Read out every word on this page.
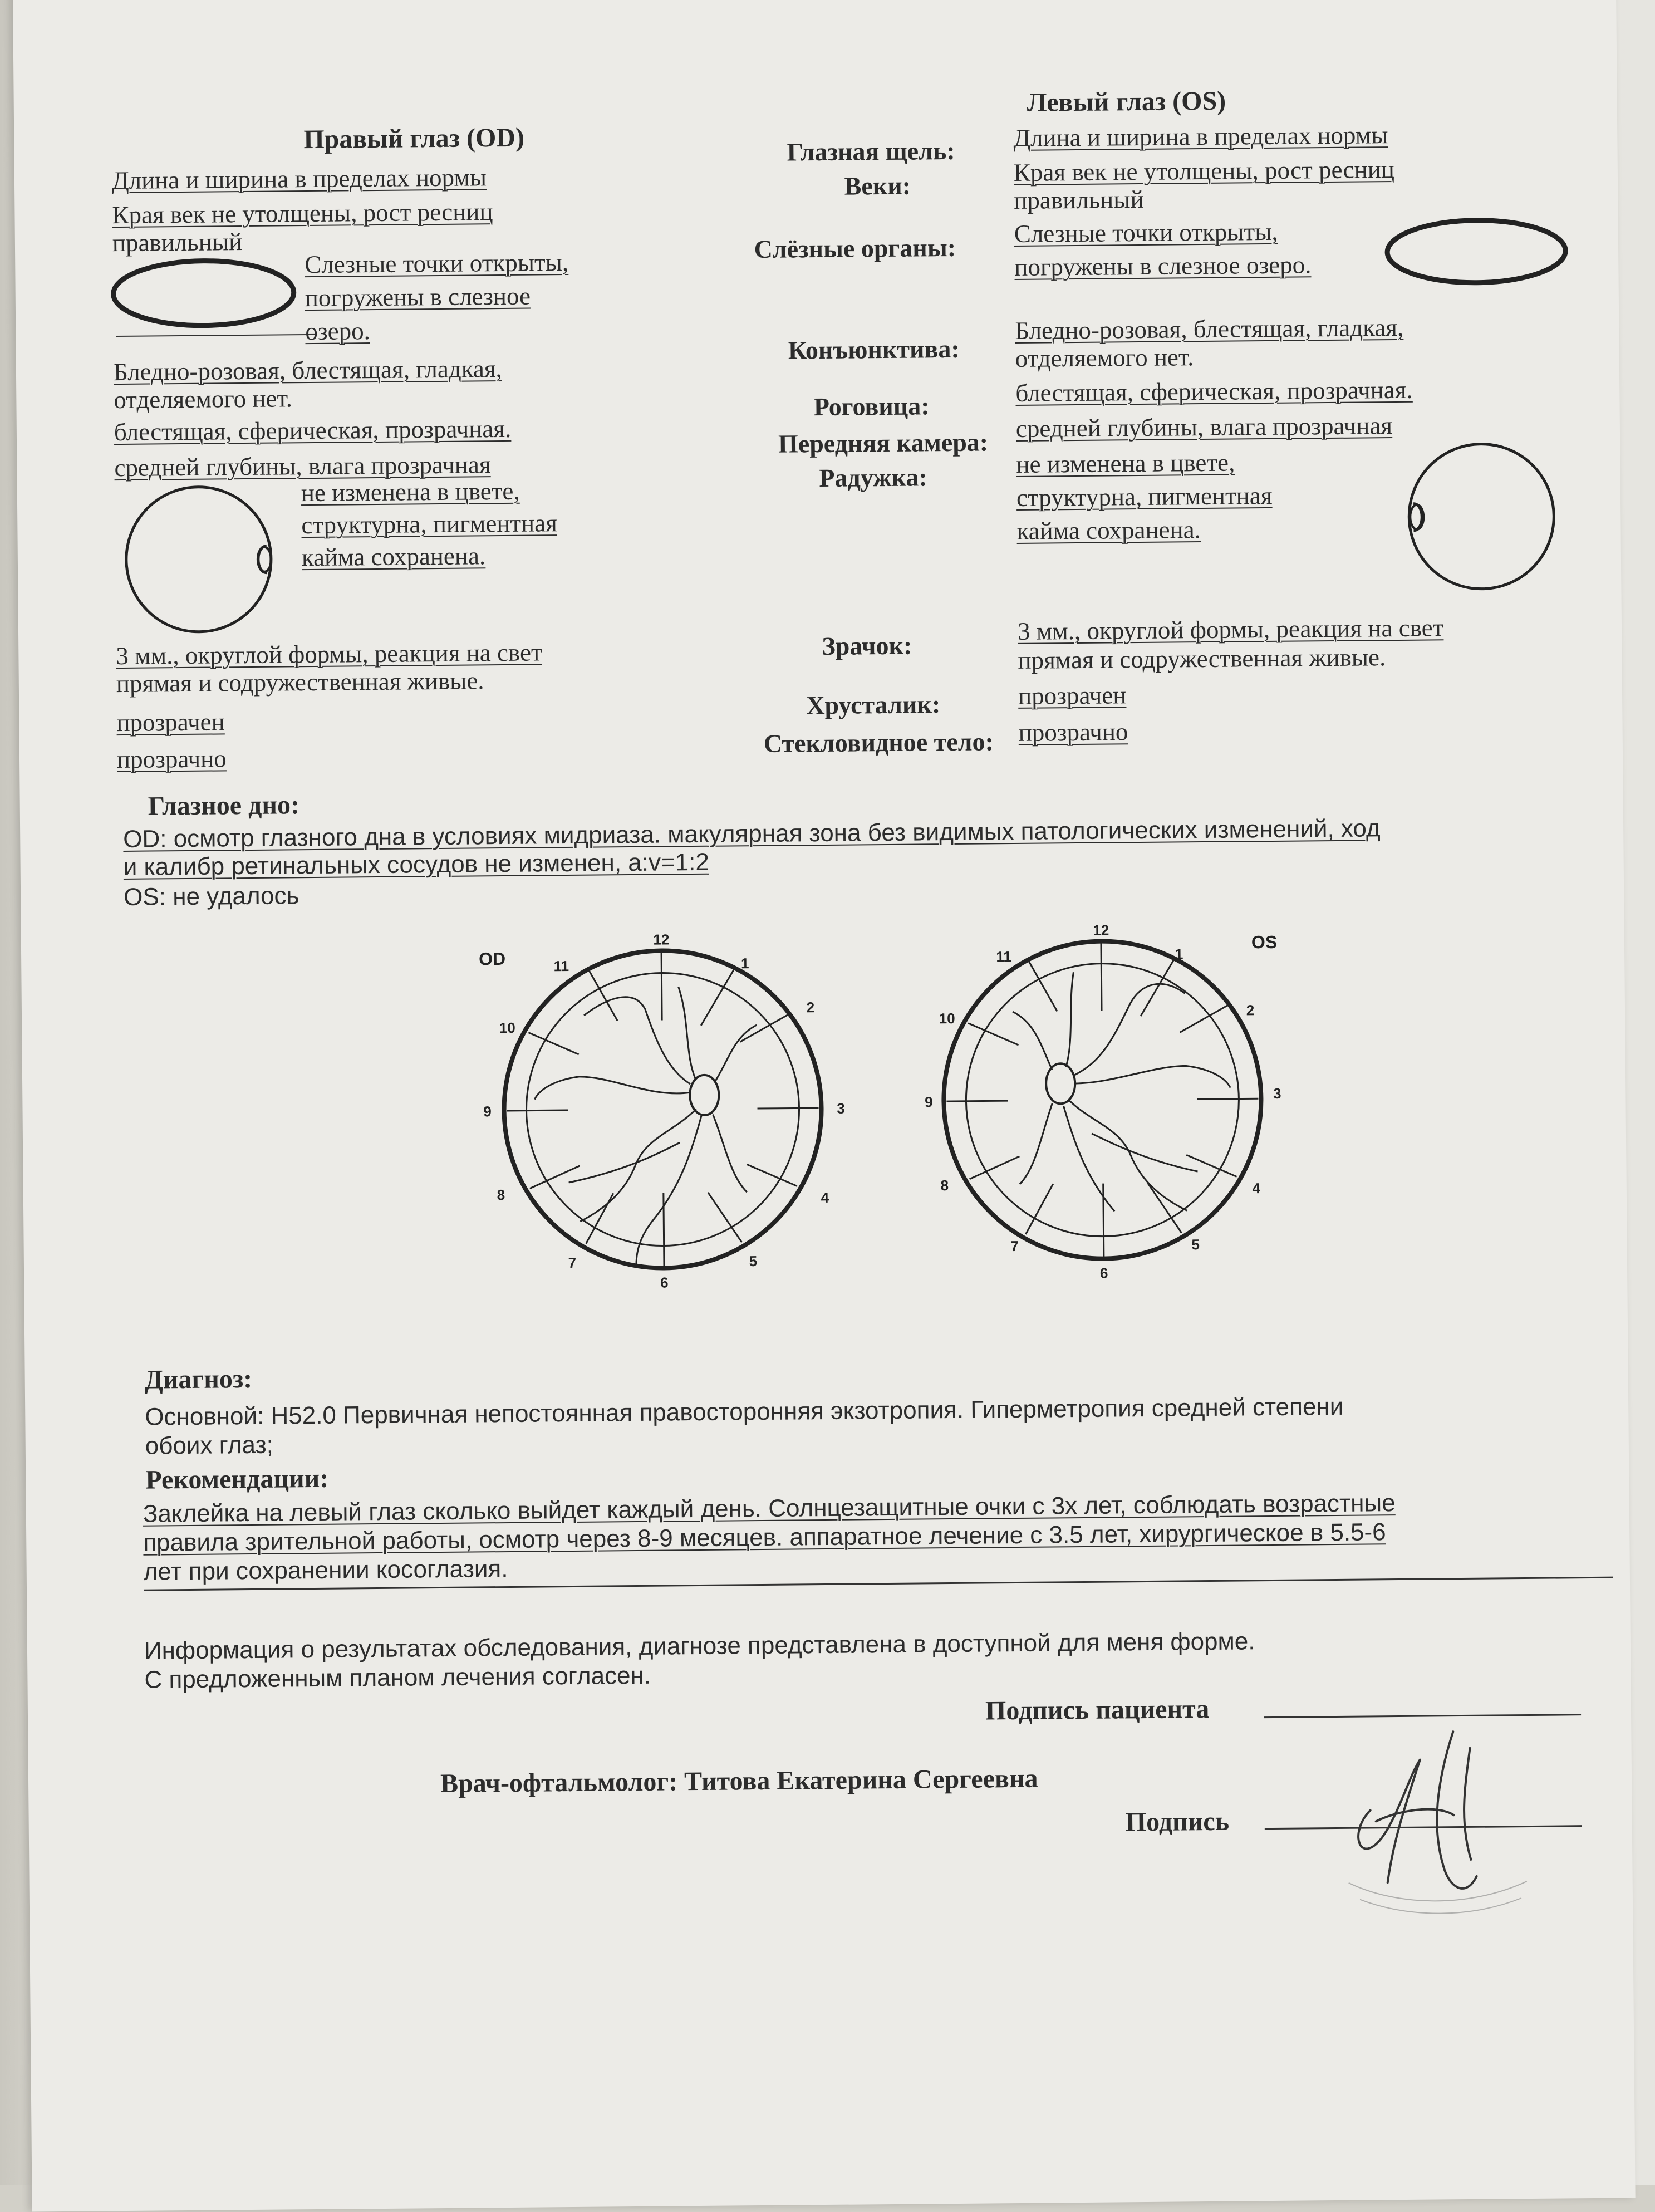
Правый глаз (OD)
Длина и ширина в пределах нормы
Края век не утолщены, рост ресниц
правильный
Слезные точки открыты,
погружены в слезное
озеро.
Бледно-розовая, блестящая, гладкая,
отделяемого нет.
блестящая, сферическая, прозрачная.
средней глубины, влага прозрачная
не изменена в цвете,
структурна, пигментная
кайма сохранена.
3 мм., округлой формы, реакция на свет
прямая и содружественная живые.
прозрачен
прозрачно
Глазная щель:
Веки:
Слёзные органы:
Конъюнктива:
Роговица:
Передняя камера:
Радужка:
Зрачок:
Хрусталик:
Стекловидное тело:
Левый глаз (OS)
Длина и ширина в пределах нормы
Края век не утолщены, рост ресниц
правильный
Слезные точки открыты,
погружены в слезное озеро.
Бледно-розовая, блестящая, гладкая,
отделяемого нет.
блестящая, сферическая, прозрачная.
средней глубины, влага прозрачная
не изменена в цвете,
структурна, пигментная
кайма сохранена.
3 мм., округлой формы, реакция на свет
прямая и содружественная живые.
прозрачен
прозрачно
Глазное дно:
OD: осмотр глазного дна в условиях мидриаза. макулярная зона без видимых патологических изменений, ход
и калибр ретинальных сосудов не изменен, a:v=1:2
OS: не удалось
OD
12
1
2
3
4
5
6
7
8
9
10
11
OS
12
1
2
3
4
5
6
7
8
9
10
11
Диагноз:
Основной: H52.0 Первичная непостоянная правосторонняя экзотропия. Гиперметропия средней степени
обоих глаз;
Рекомендации:
Заклейка на левый глаз сколько выйдет каждый день. Солнцезащитные очки с 3х лет, соблюдать возрастные
правила зрительной работы, осмотр через 8-9 месяцев. аппаратное лечение с 3.5 лет, хирургическое в 5.5-6
лет при сохранении косоглазия.
Информация о результатах обследования, диагнозе представлена в доступной для меня форме.
С предложенным планом лечения согласен.
Подпись пациента
Врач-офтальмолог: Титова Екатерина Сергеевна
Подпись
